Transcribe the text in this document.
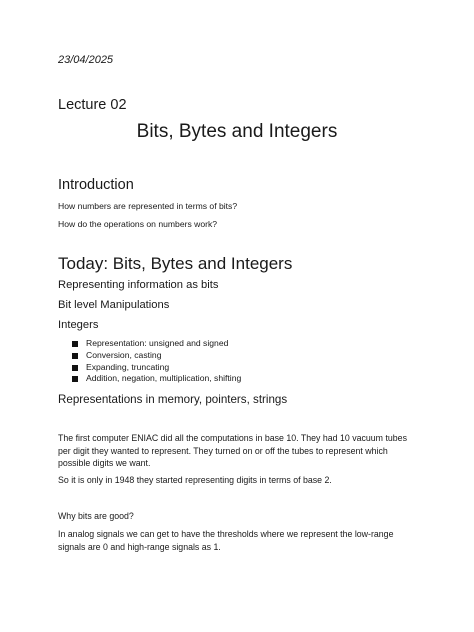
23/04/2025
Lecture 02
Bits, Bytes and Integers
Introduction
How numbers are represented in terms of bits?
How do the operations on numbers work?
Today: Bits, Bytes and Integers
Representing information as bits
Bit level Manipulations
Integers
Representation: unsigned and signed
Conversion, casting
Expanding, truncating
Addition, negation, multiplication, shifting
Representations in memory, pointers, strings
The first computer ENIAC did all the computations in base 10. They had 10 vacuum tubes per digit they wanted to represent. They turned on or off the tubes to represent which possible digits we want.
So it is only in 1948 they started representing digits in terms of base 2.
Why bits are good?
In analog signals we can get to have the thresholds where we represent the low-range signals are 0 and high-range signals as 1.
